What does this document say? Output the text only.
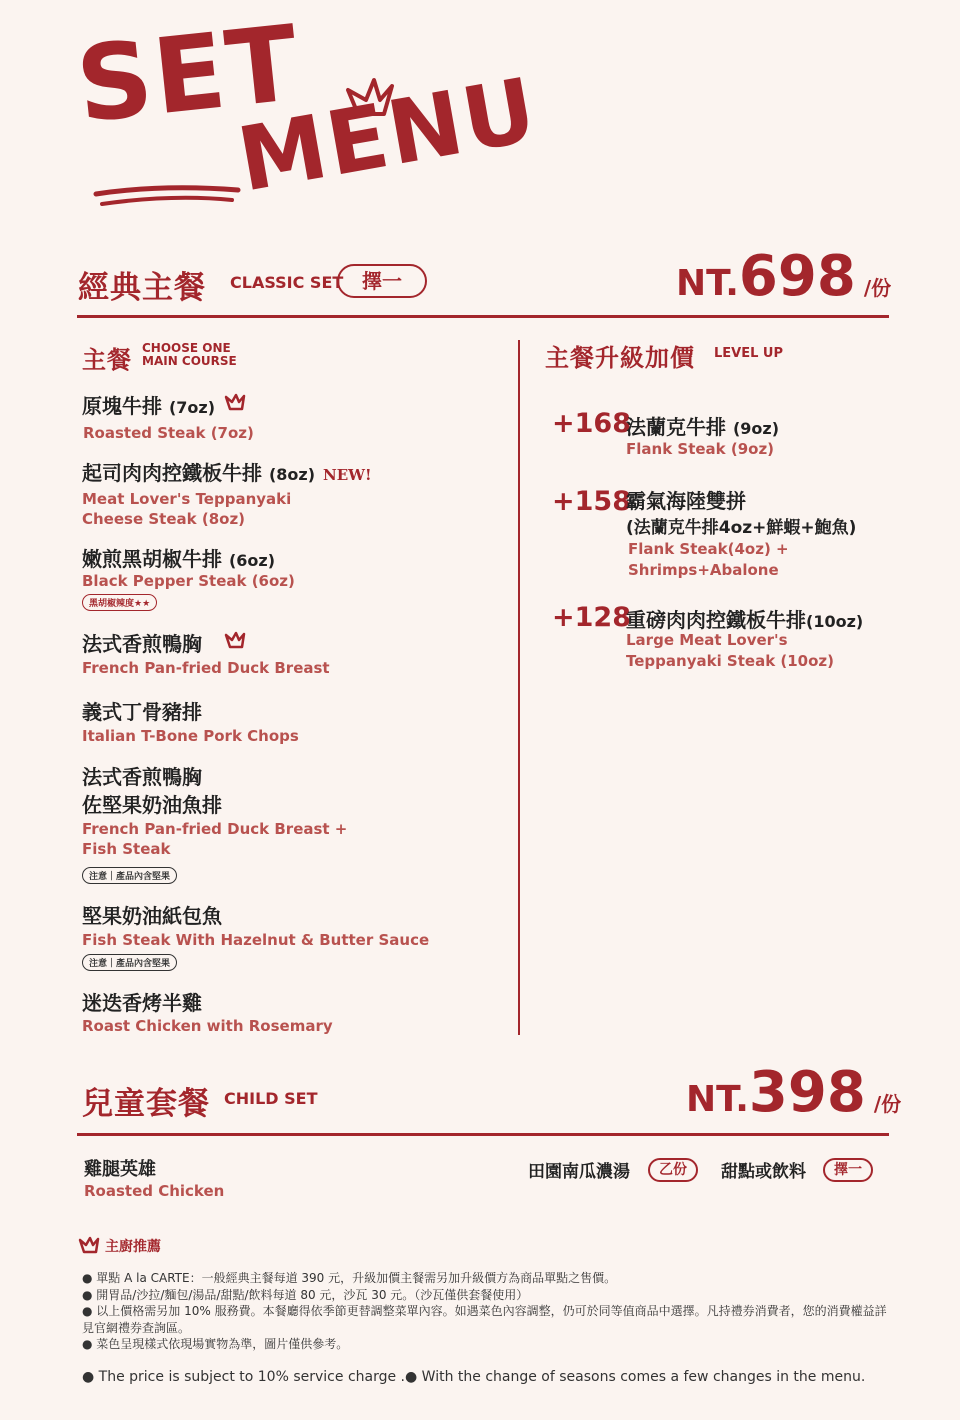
SET
MENU
經典主餐 CLASSIC SET 擇一	NT.698 /份
主餐 CHOOSE ONE
MAIN COURSE
原塊牛排 (7oz)
Roasted Steak (7oz)
起司肉肉控鐵板牛排 (8oz) NEW!
Meat Lover's Teppanyaki
Cheese Steak (8oz)
嫩煎黑胡椒牛排 (6oz)
Black Pepper Steak (6oz)
黑胡椒辣度★★
法式香煎鴨胸
French Pan-fried Duck Breast
義式丁骨豬排
Italian T-Bone Pork Chops
法式香煎鴨胸
佐堅果奶油魚排
French Pan-fried Duck Breast +
Fish Steak
注意｜產品內含堅果
堅果奶油紙包魚
Fish Steak With Hazelnut & Butter Sauce
注意｜產品內含堅果
迷迭香烤半雞
Roast Chicken with Rosemary
主餐升級加價 LEVEL UP
+168
法蘭克牛排 (9oz)
Flank Steak (9oz)
+158
霸氣海陸雙拼
(法蘭克牛排4oz+鮮蝦+鮑魚)
Flank Steak(4oz) +
Shrimps+Abalone
+128
重磅肉肉控鐵板牛排(10oz)
Large Meat Lover's
Teppanyaki Steak (10oz)
兒童套餐 CHILD SET	NT.398 /份
雞腿英雄
Roasted Chicken
田園南瓜濃湯	乙份	甜點或飲料	擇一
主廚推薦
● 單點 A la CARTE：一般經典主餐每道 390 元，升級加價主餐需另加升級價方為商品單點之售價。
● 開胃品/沙拉/麵包/湯品/甜點/飲料每道 80 元，沙瓦 30 元。（沙瓦僅供套餐使用）
● 以上價格需另加 10% 服務費。本餐廳得依季節更替調整菜單內容。如遇菜色內容調整，仍可於同等值商品中選擇。凡持禮券消費者，您的消費權益詳見官網禮券查詢區。
● 菜色呈現樣式依現場實物為準，圖片僅供參考。
● The price is subject to 10% service charge .● With the change of seasons comes a few changes in the menu.
